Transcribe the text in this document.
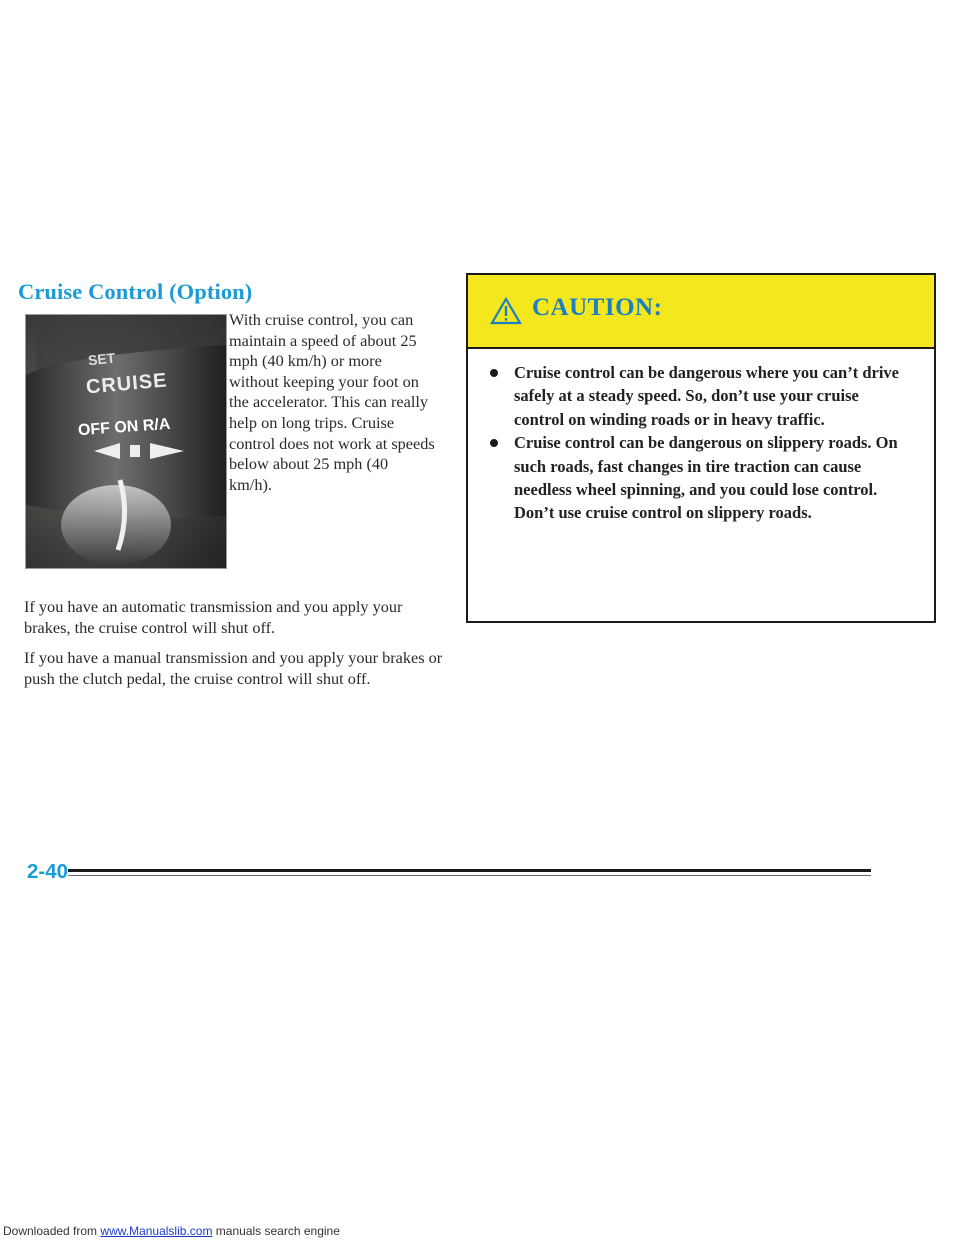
Cruise Control (Option)
SET
CRUISE
OFF ON R/A
With cruise control, you can maintain a speed of about 25 mph (40 km/h) or more without keeping your foot on the accelerator. This can really help on long trips. Cruise control does not work at speeds below about 25 mph (40 km/h).
If you have an automatic transmission and you apply your brakes, the cruise control will shut off.
If you have a manual transmission and you apply your brakes or push the clutch pedal, the cruise control will shut off.
CAUTION:
Cruise control can be dangerous where you can’t drive safely at a steady speed. So, don’t use your cruise control on winding roads or in heavy traffic.
Cruise control can be dangerous on slippery roads. On such roads, fast changes in tire traction can cause needless wheel spinning, and you could lose control. Don’t use cruise control on slippery roads.
2-40
Downloaded from www.Manualslib.com manuals search engine
